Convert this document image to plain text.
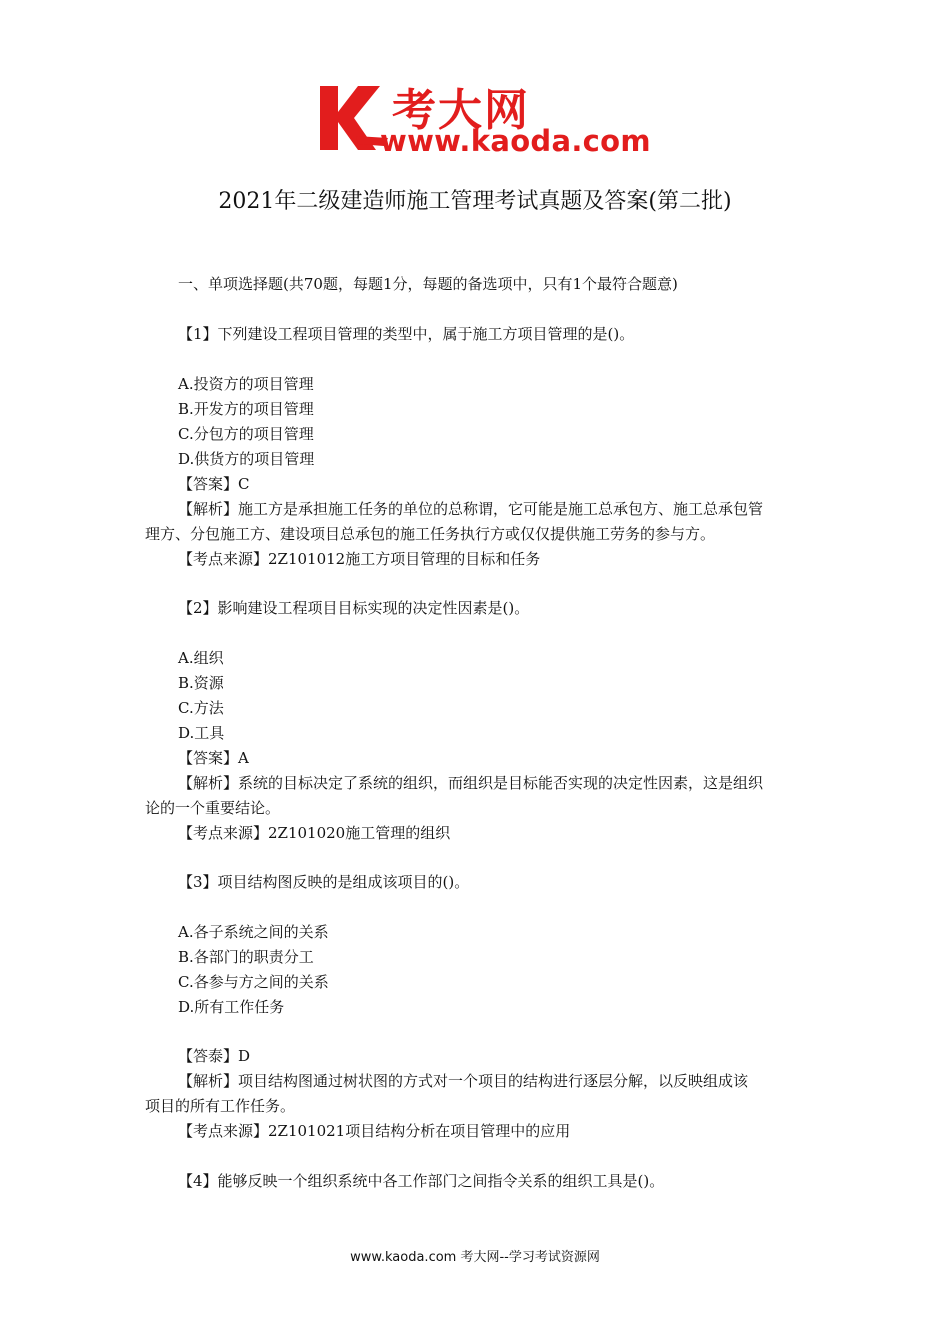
考大网
www.kaoda.com
2021年二级建造师施工管理考试真题及答案(第二批)
一、单项选择题(共70题，每题1分，每题的备选项中，只有1个最符合题意)
【1】下列建设工程项目管理的类型中，属于施工方项目管理的是()。
A.投资方的项目管理
B.开发方的项目管理
C.分包方的项目管理
D.供货方的项目管理
【答案】C
【解析】施工方是承担施工任务的单位的总称谓，它可能是施工总承包方、施工总承包管
理方、分包施工方、建设项目总承包的施工任务执行方或仅仅提供施工劳务的参与方。
【考点来源】2Z101012施工方项目管理的目标和任务
【2】影响建设工程项目目标实现的决定性因素是()。
A.组织
B.资源
C.方法
D.工具
【答案】A
【解析】系统的目标决定了系统的组织，而组织是目标能否实现的决定性因素，这是组织
论的一个重要结论。
【考点来源】2Z101020施工管理的组织
【3】项目结构图反映的是组成该项目的()。
A.各子系统之间的关系
B.各部门的职责分工
C.各参与方之间的关系
D.所有工作任务
【答泰】D
【解析】项目结构图通过树状图的方式对一个项目的结构进行逐层分解，以反映组成该
项目的所有工作任务。
【考点来源】2Z101021项目结构分析在项目管理中的应用
【4】能够反映一个组织系统中各工作部门之间指令关系的组织工具是()。
www.kaoda.com 考大网--学习考试资源网
